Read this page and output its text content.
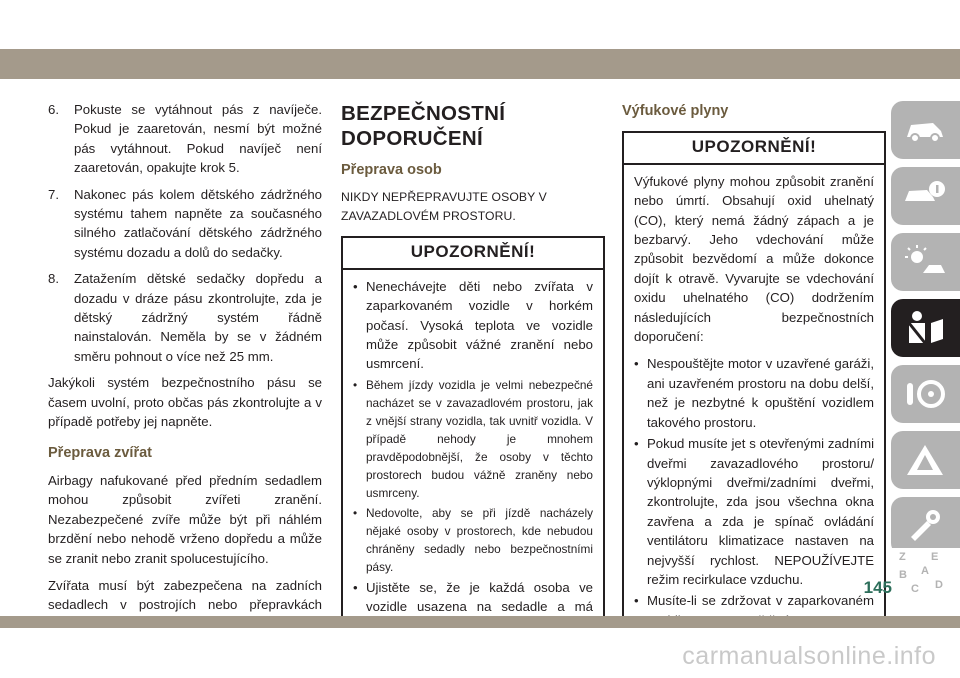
6.	Pokuste se vytáhnout pás z navíječe. Pokud je zaaretován, nesmí být možné pás vytáhnout. Pokud navíječ není zaaretován, opakujte krok 5.
7.	Nakonec pás kolem dětského zádržného systému tahem napněte za současného silného zatlačování dětského zádržného systému dozadu a dolů do sedačky.
8.	Zatažením dětské sedačky dopředu a dozadu v dráze pásu zkontrolujte, zda je dětský zádržný systém řádně nainstalován. Neměla by se v žádném směru pohnout o více než 25 mm.

Jakýkoli systém bezpečnostního pásu se časem uvolní, proto občas pás zkontrolujte a v případě potřeby jej napněte.

Přeprava zvířat

Airbagy nafukované před předním sedadlem mohou způsobit zvířeti zranění. Nezabezpečené zvíře může být při náhlém brzdění nebo nehodě vrženo dopředu a může se zranit nebo zranit spolucestujícího.

Zvířata musí být zabezpečena na zadních sedadlech v postrojích nebo přepravkách

BEZPEČNOSTNÍ DOPORUČENÍ
Přeprava osob
NIKDY NEPŘEPRAVUJTE OSOBY V ZAVAZADLOVÉM PROSTORU.
UPOZORNĚNÍ!
• Nenechávejte děti nebo zvířata v zaparkovaném vozidle v horkém počasí. Vysoká teplota ve vozidle může způsobit vážné zranění nebo usmrcení.
• Během jízdy vozidla je velmi nebezpečné nacházet se v zavazadlovém prostoru, jak z vnější strany vozidla, tak uvnitř vozidla. V případě nehody je mnohem pravděpodobnější, že osoby v těchto prostorech budou vážně zraněny nebo usmrceny.
• Nedovolte, aby se při jízdě nacházely nějaké osoby v prostorech, kde nebudou chráněny sedadly nebo bezpečnostními pásy.
• Ujistěte se, že je každá osoba ve vozidle usazena na sedadle a má
Výfukové plyny
UPOZORNĚNÍ!

Výfukové plyny mohou způsobit zranění nebo úmrtí. Obsahují oxid uhelnatý (CO), který nemá žádný zápach a je bezbarvý. Jeho vdechování může způsobit bezvědomí a může dokonce dojít k otravě. Vyvarujte se vdechování oxidu uhelnatého (CO) dodržením následujících bezpečnostních doporučení:

• Nespouštějte motor v uzavřené garáži, ani uzavřeném prostoru na dobu delší, než je nezbytné k opuštění vozidlem takového prostoru.
• Pokud musíte jet s otevřenými zadními dveřmi zavazadlového prostoru/ výklopnými dveřmi/zadními dveřmi, zkontrolujte, zda jsou všechna okna zavřena a zda je spínač ovládání ventilátoru klimatizace nastaven na nejvyšší rychlost. NEPOUŽÍVEJTE režim recirkulace vzduchu.
• Musíte-li se zdržovat v zaparkovaném
Z E
B A
C D
145
carmanualsonline.info
